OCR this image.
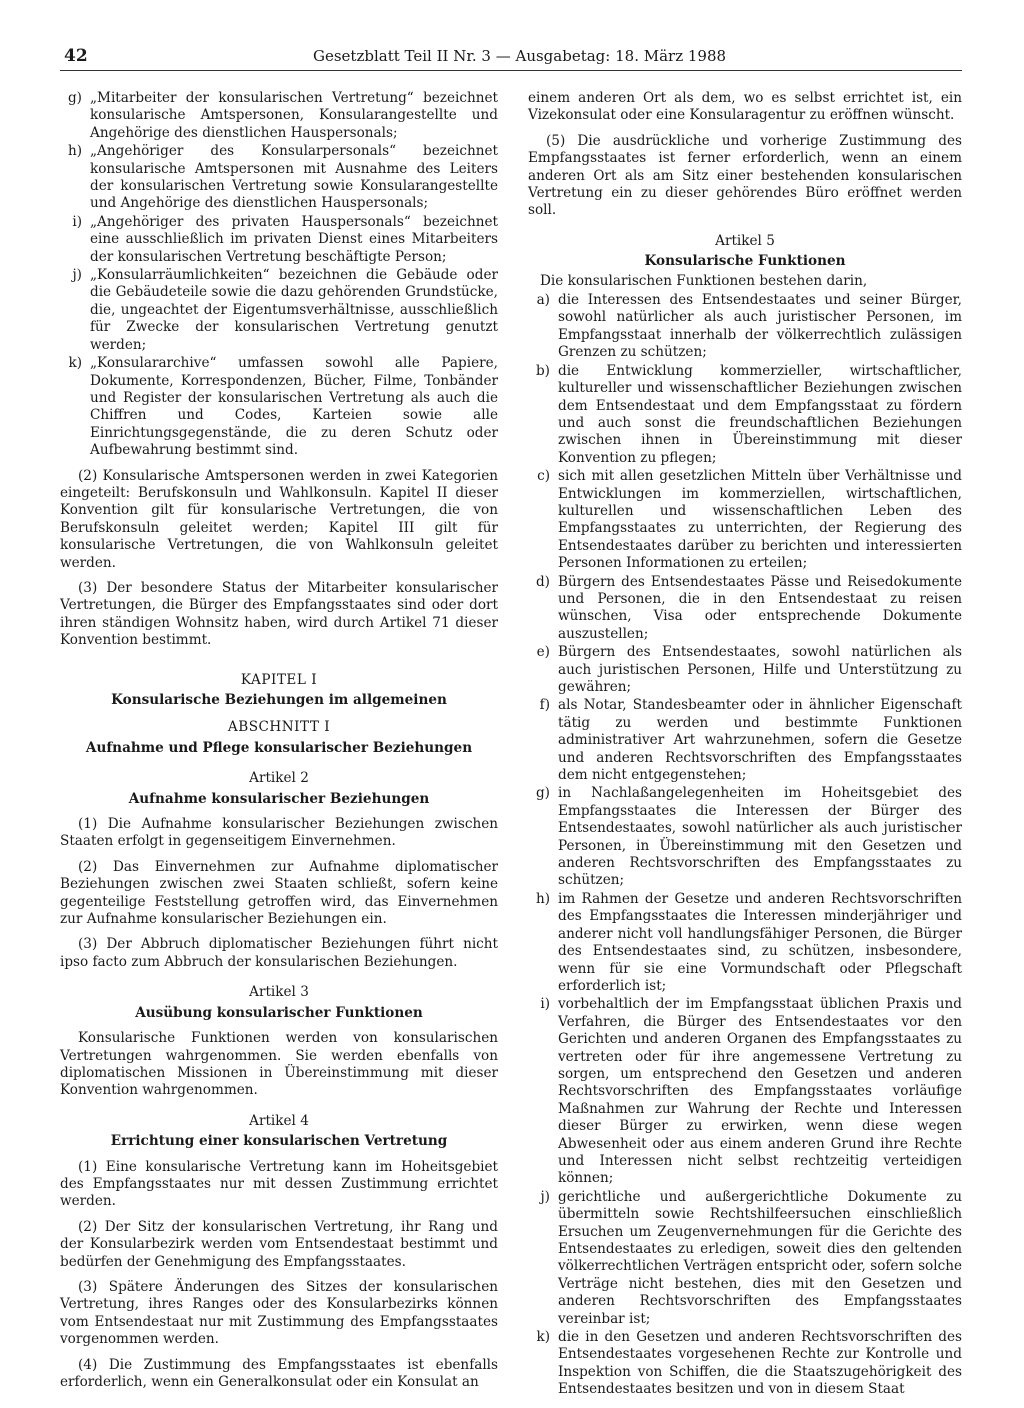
42	Gesetzblatt Teil II Nr. 3 — Ausgabetag: 18. März 1988
g) „Mitarbeiter der konsularischen Vertretung“ bezeichnet konsularische Amtspersonen, Konsularangestellte und Angehörige des dienstlichen Hauspersonals;
h) „Angehöriger des Konsularpersonals“ bezeichnet konsularische Amtspersonen mit Ausnahme des Leiters der konsularischen Vertretung sowie Konsularangestellte und Angehörige des dienstlichen Hauspersonals;
i) „Angehöriger des privaten Hauspersonals“ bezeichnet eine ausschließlich im privaten Dienst eines Mitarbeiters der konsularischen Vertretung beschäftigte Person;
j) „Konsularräumlichkeiten“ bezeichnen die Gebäude oder die Gebäudeteile sowie die dazu gehörenden Grundstücke, die, ungeachtet der Eigentumsverhältnisse, ausschließlich für Zwecke der konsularischen Vertretung genutzt werden;
k) „Konsulararchive“ umfassen sowohl alle Papiere, Dokumente, Korrespondenzen, Bücher, Filme, Tonbänder und Register der konsularischen Vertretung als auch die Chiffren und Codes, Karteien sowie alle Einrichtungsgegenstände, die zu deren Schutz oder Aufbewahrung bestimmt sind.

(2) Konsularische Amtspersonen werden in zwei Kategorien eingeteilt: Berufskonsuln und Wahlkonsuln. Kapitel II dieser Konvention gilt für konsularische Vertretungen, die von Berufskonsuln geleitet werden; Kapitel III gilt für konsularische Vertretungen, die von Wahlkonsuln geleitet werden.

(3) Der besondere Status der Mitarbeiter konsularischer Vertretungen, die Bürger des Empfangsstaates sind oder dort ihren ständigen Wohnsitz haben, wird durch Artikel 71 dieser Konvention bestimmt.

KAPITEL I
Konsularische Beziehungen im allgemeinen
ABSCHNITT I
Aufnahme und Pflege konsularischer Beziehungen
Artikel 2
Aufnahme konsularischer Beziehungen

(1) Die Aufnahme konsularischer Beziehungen zwischen Staaten erfolgt in gegenseitigem Einvernehmen.

(2) Das Einvernehmen zur Aufnahme diplomatischer Beziehungen zwischen zwei Staaten schließt, sofern keine gegenteilige Feststellung getroffen wird, das Einvernehmen zur Aufnahme konsularischer Beziehungen ein.

(3) Der Abbruch diplomatischer Beziehungen führt nicht ipso facto zum Abbruch der konsularischen Beziehungen.

Artikel 3
Ausübung konsularischer Funktionen

Konsularische Funktionen werden von konsularischen Vertretungen wahrgenommen. Sie werden ebenfalls von diplomatischen Missionen in Übereinstimmung mit dieser Konvention wahrgenommen.

Artikel 4
Errichtung einer konsularischen Vertretung

(1) Eine konsularische Vertretung kann im Hoheitsgebiet des Empfangsstaates nur mit dessen Zustimmung errichtet werden.

(2) Der Sitz der konsularischen Vertretung, ihr Rang und der Konsularbezirk werden vom Entsendestaat bestimmt und bedürfen der Genehmigung des Empfangsstaates.

(3) Spätere Änderungen des Sitzes der konsularischen Vertretung, ihres Ranges oder des Konsularbezirks können vom Entsendestaat nur mit Zustimmung des Empfangsstaates vorgenommen werden.

(4) Die Zustimmung des Empfangsstaates ist ebenfalls erforderlich, wenn ein Generalkonsulat oder ein Konsulat an

einem anderen Ort als dem, wo es selbst errichtet ist, ein Vizekonsulat oder eine Konsularagentur zu eröffnen wünscht.

(5) Die ausdrückliche und vorherige Zustimmung des Empfangsstaates ist ferner erforderlich, wenn an einem anderen Ort als am Sitz einer bestehenden konsularischen Vertretung ein zu dieser gehörendes Büro eröffnet werden soll.

Artikel 5
Konsularische Funktionen

Die konsularischen Funktionen bestehen darin,

a) die Interessen des Entsendestaates und seiner Bürger, sowohl natürlicher als auch juristischer Personen, im Empfangsstaat innerhalb der völkerrechtlich zulässigen Grenzen zu schützen;
b) die Entwicklung kommerzieller, wirtschaftlicher, kultureller und wissenschaftlicher Beziehungen zwischen dem Entsendestaat und dem Empfangsstaat zu fördern und auch sonst die freundschaftlichen Beziehungen zwischen ihnen in Übereinstimmung mit dieser Konvention zu pflegen;
c) sich mit allen gesetzlichen Mitteln über Verhältnisse und Entwicklungen im kommerziellen, wirtschaftlichen, kulturellen und wissenschaftlichen Leben des Empfangsstaates zu unterrichten, der Regierung des Entsendestaates darüber zu berichten und interessierten Personen Informationen zu erteilen;
d) Bürgern des Entsendestaates Pässe und Reisedokumente und Personen, die in den Entsendestaat zu reisen wünschen, Visa oder entsprechende Dokumente auszustellen;
e) Bürgern des Entsendestaates, sowohl natürlichen als auch juristischen Personen, Hilfe und Unterstützung zu gewähren;
f) als Notar, Standesbeamter oder in ähnlicher Eigenschaft tätig zu werden und bestimmte Funktionen administrativer Art wahrzunehmen, sofern die Gesetze und anderen Rechtsvorschriften des Empfangsstaates dem nicht entgegenstehen;
g) in Nachlaßangelegenheiten im Hoheitsgebiet des Empfangsstaates die Interessen der Bürger des Entsendestaates, sowohl natürlicher als auch juristischer Personen, in Übereinstimmung mit den Gesetzen und anderen Rechtsvorschriften des Empfangsstaates zu schützen;
h) im Rahmen der Gesetze und anderen Rechtsvorschriften des Empfangsstaates die Interessen minderjähriger und anderer nicht voll handlungsfähiger Personen, die Bürger des Entsendestaates sind, zu schützen, insbesondere, wenn für sie eine Vormundschaft oder Pflegschaft erforderlich ist;
i) vorbehaltlich der im Empfangsstaat üblichen Praxis und Verfahren, die Bürger des Entsendestaates vor den Gerichten und anderen Organen des Empfangsstaates zu vertreten oder für ihre angemessene Vertretung zu sorgen, um entsprechend den Gesetzen und anderen Rechtsvorschriften des Empfangsstaates vorläufige Maßnahmen zur Wahrung der Rechte und Interessen dieser Bürger zu erwirken, wenn diese wegen Abwesenheit oder aus einem anderen Grund ihre Rechte und Interessen nicht selbst rechtzeitig verteidigen können;
j) gerichtliche und außergerichtliche Dokumente zu übermitteln sowie Rechtshilfeersuchen einschließlich Ersuchen um Zeugenvernehmungen für die Gerichte des Entsendestaates zu erledigen, soweit dies den geltenden völkerrechtlichen Verträgen entspricht oder, sofern solche Verträge nicht bestehen, dies mit den Gesetzen und anderen Rechtsvorschriften des Empfangsstaates vereinbar ist;
k) die in den Gesetzen und anderen Rechtsvorschriften des Entsendestaates vorgesehenen Rechte zur Kontrolle und Inspektion von Schiffen, die die Staatszugehörigkeit des Entsendestaates besitzen und von in diesem Staat
